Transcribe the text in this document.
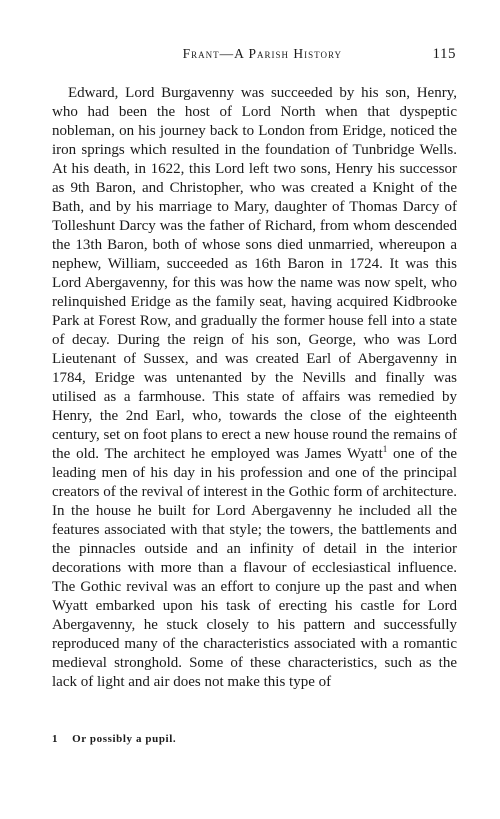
Frant—A Parish History	115

Edward, Lord Burgavenny was succeeded by his son, Henry, who had been the host of Lord North when that dyspeptic nobleman, on his journey back to London from Eridge, noticed the iron springs which resulted in the foundation of Tunbridge Wells. At his death, in 1622, this Lord left two sons, Henry his successor as 9th Baron, and Christopher, who was created a Knight of the Bath, and by his marriage to Mary, daughter of Thomas Darcy of Tolleshunt Darcy was the father of Richard, from whom descended the 13th Baron, both of whose sons died unmarried, whereupon a nephew, William, succeeded as 16th Baron in 1724. It was this Lord Abergavenny, for this was how the name was now spelt, who relinquished Eridge as the family seat, having acquired Kidbrooke Park at Forest Row, and gradually the former house fell into a state of decay. During the reign of his son, George, who was Lord Lieutenant of Sussex, and was created Earl of Abergavenny in 1784, Eridge was untenanted by the Nevills and finally was utilised as a farmhouse. This state of affairs was remedied by Henry, the 2nd Earl, who, towards the close of the eighteenth century, set on foot plans to erect a new house round the remains of the old. The architect he employed was James Wyatt$^1$ one of the leading men of his day in his profession and one of the principal creators of the revival of interest in the Gothic form of architecture. In the house he built for Lord Abergavenny he included all the features associated with that style; the towers, the battlements and the pinnacles outside and an infinity of detail in the interior decorations with more than a flavour of ecclesiastical influence. The Gothic revival was an effort to conjure up the past and when Wyatt embarked upon his task of erecting his castle for Lord Abergavenny, he stuck closely to his pattern and successfully reproduced many of the characteristics associated with a romantic medieval stronghold. Some of these characteristics, such as the lack of light and air does not make this type of

1 Or possibly a pupil.
